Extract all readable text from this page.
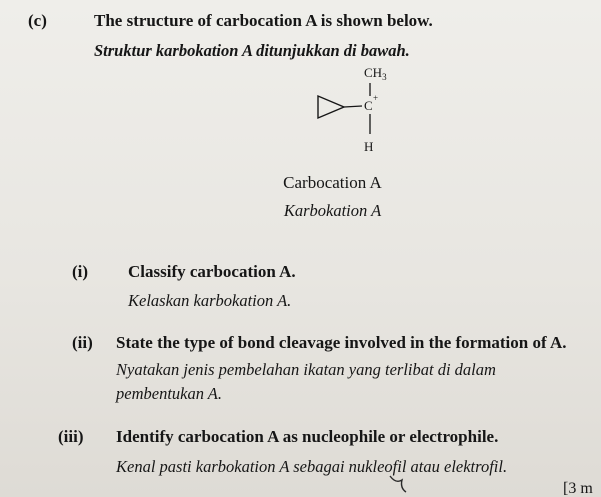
(c)	The structure of carbocation A is shown below.
Struktur karbokation A ditunjukkan di bawah.
$CH_3$
C +
H
Carbocation A
Karbokation A
(i) Classify carbocation A.
Kelaskan karbokation A.
(ii) State the type of bond cleavage involved in the formation of A.
Nyatakan jenis pembelahan ikatan yang terlibat di dalam
pembentukan A.
(iii) Identify carbocation A as nucleophile or electrophile.
Kenal pasti karbokation A sebagai nukleofil atau elektrofil.
[3 m
